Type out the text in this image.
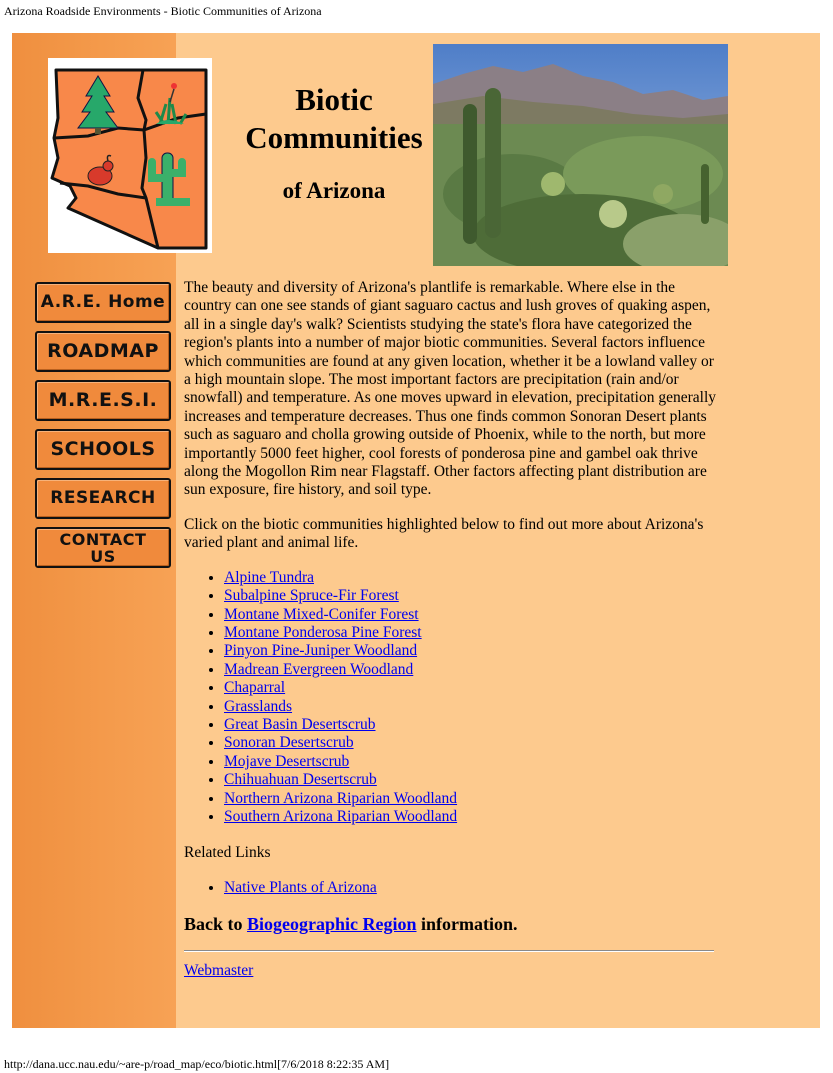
Arizona Roadside Environments - Biotic Communities of Arizona
Biotic
Communities
of Arizona
A.R.E. Home
ROADMAP
M.R.E.S.I.
SCHOOLS
RESEARCH
CONTACT
US

The beauty and diversity of Arizona's plantlife is remarkable. Where else in the country can one see stands of giant saguaro cactus and lush groves of quaking aspen, all in a single day's walk? Scientists studying the state's flora have categorized the region's plants into a number of major biotic communities. Several factors influence which communities are found at any given location, whether it be a lowland valley or a high mountain slope. The most important factors are precipitation (rain and/or snowfall) and temperature. As one moves upward in elevation, precipitation generally increases and temperature decreases. Thus one finds common Sonoran Desert plants such as saguaro and cholla growing outside of Phoenix, while to the north, but more importantly 5000 feet higher, cool forests of ponderosa pine and gambel oak thrive along the Mogollon Rim near Flagstaff. Other factors affecting plant distribution are sun exposure, fire history, and soil type.

Click on the biotic communities highlighted below to find out more about Arizona's varied plant and animal life.

• Alpine Tundra
• Subalpine Spruce-Fir Forest
• Montane Mixed-Conifer Forest
• Montane Ponderosa Pine Forest
• Pinyon Pine-Juniper Woodland
• Madrean Evergreen Woodland
• Chaparral
• Grasslands
• Great Basin Desertscrub
• Sonoran Desertscrub
• Mojave Desertscrub
• Chihuahuan Desertscrub
• Northern Arizona Riparian Woodland
• Southern Arizona Riparian Woodland

Related Links

• Native Plants of Arizona

Back to Biogeographic Region information.

Webmaster
http://dana.ucc.nau.edu/~are-p/road_map/eco/biotic.html[7/6/2018 8:22:35 AM]
